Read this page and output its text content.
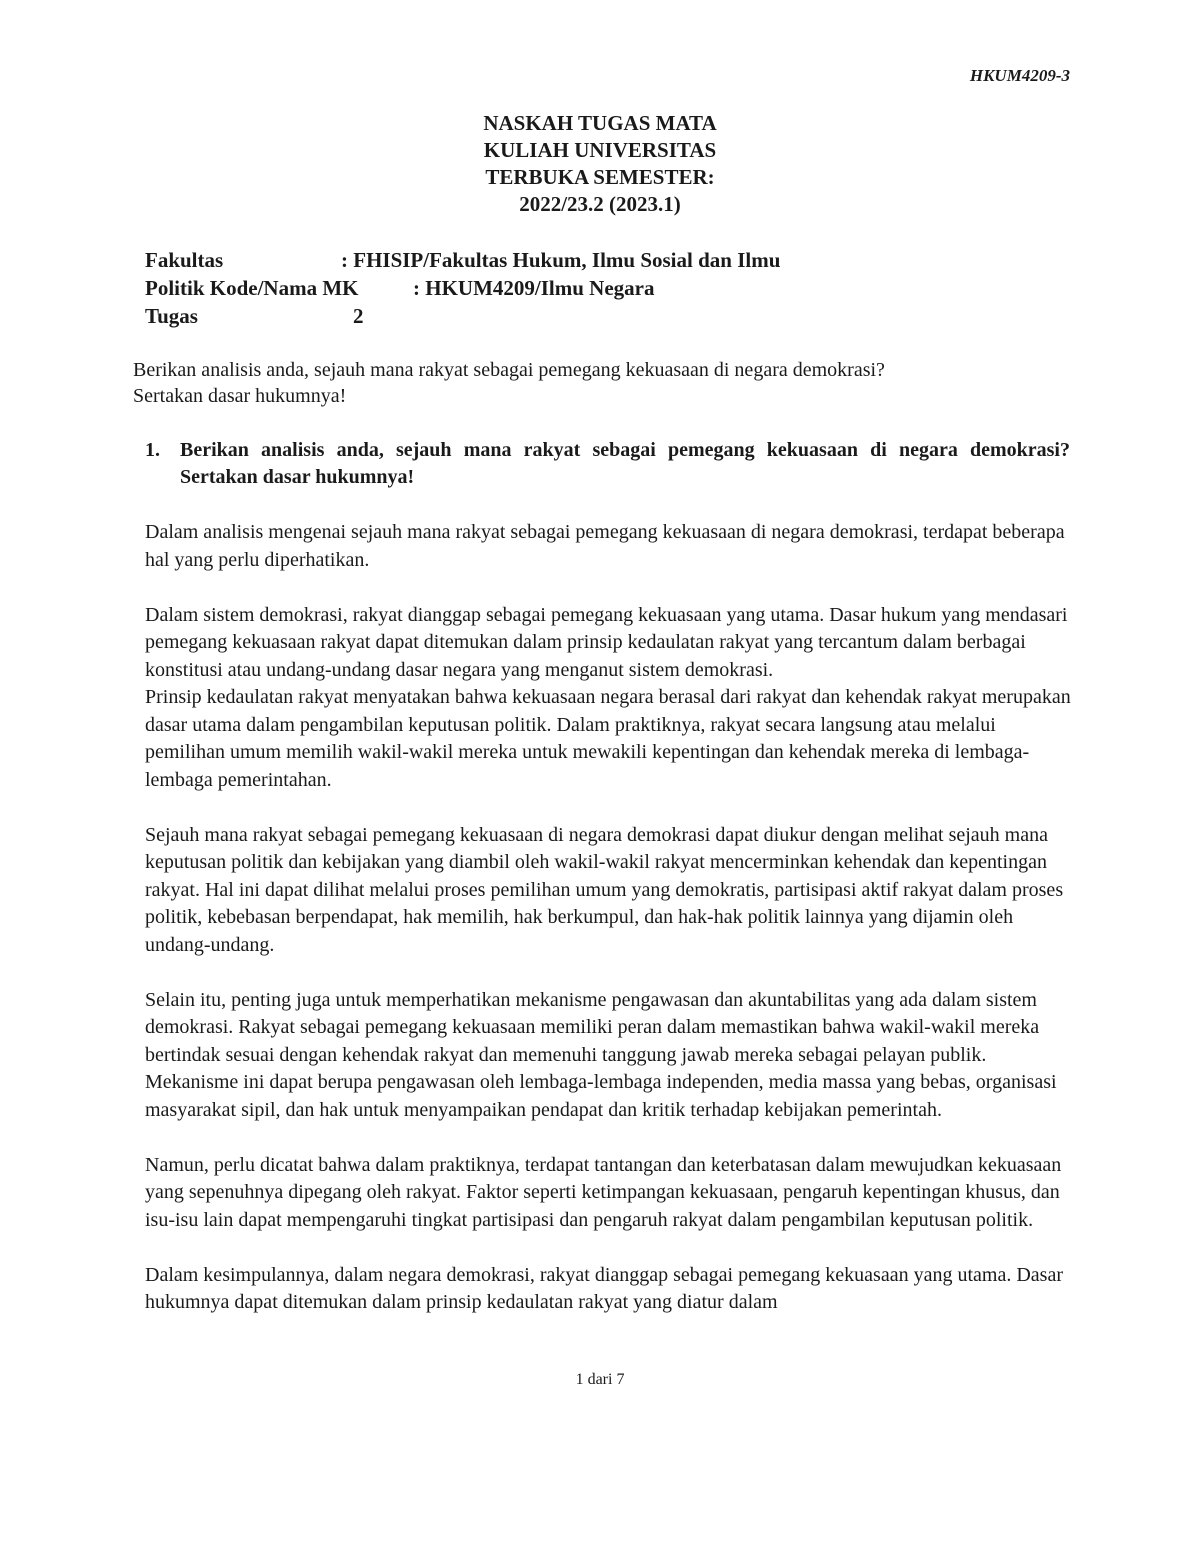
HKUM4209-3
NASKAH TUGAS MATA
KULIAH UNIVERSITAS
TERBUKA SEMESTER:
2022/23.2 (2023.1)
Fakultas	: FHISIP/Fakultas Hukum, Ilmu Sosial dan Ilmu
Politik Kode/Nama MK	: HKUM4209/Ilmu Negara
Tugas	2

Berikan analisis anda, sejauh mana rakyat sebagai pemegang kekuasaan di negara demokrasi?

Sertakan dasar hukumnya!

1. Berikan analisis anda, sejauh mana rakyat sebagai pemegang kekuasaan di negara demokrasi? Sertakan dasar hukumnya!

Dalam analisis mengenai sejauh mana rakyat sebagai pemegang kekuasaan di negara demokrasi, terdapat beberapa hal yang perlu diperhatikan.

Dalam sistem demokrasi, rakyat dianggap sebagai pemegang kekuasaan yang utama. Dasar hukum yang mendasari pemegang kekuasaan rakyat dapat ditemukan dalam prinsip kedaulatan rakyat yang tercantum dalam berbagai konstitusi atau undang-undang dasar negara yang menganut sistem demokrasi.

Prinsip kedaulatan rakyat menyatakan bahwa kekuasaan negara berasal dari rakyat dan kehendak rakyat merupakan dasar utama dalam pengambilan keputusan politik. Dalam praktiknya, rakyat secara langsung atau melalui pemilihan umum memilih wakil-wakil mereka untuk mewakili kepentingan dan kehendak mereka di lembaga-lembaga pemerintahan.

Sejauh mana rakyat sebagai pemegang kekuasaan di negara demokrasi dapat diukur dengan melihat sejauh mana keputusan politik dan kebijakan yang diambil oleh wakil-wakil rakyat mencerminkan kehendak dan kepentingan rakyat. Hal ini dapat dilihat melalui proses pemilihan umum yang demokratis, partisipasi aktif rakyat dalam proses politik, kebebasan berpendapat, hak memilih, hak berkumpul, dan hak-hak politik lainnya yang dijamin oleh undang-undang.

Selain itu, penting juga untuk memperhatikan mekanisme pengawasan dan akuntabilitas yang ada dalam sistem demokrasi. Rakyat sebagai pemegang kekuasaan memiliki peran dalam memastikan bahwa wakil-wakil mereka bertindak sesuai dengan kehendak rakyat dan memenuhi tanggung jawab mereka sebagai pelayan publik. Mekanisme ini dapat berupa pengawasan oleh lembaga-lembaga independen, media massa yang bebas, organisasi masyarakat sipil, dan hak untuk menyampaikan pendapat dan kritik terhadap kebijakan pemerintah.

Namun, perlu dicatat bahwa dalam praktiknya, terdapat tantangan dan keterbatasan dalam mewujudkan kekuasaan yang sepenuhnya dipegang oleh rakyat. Faktor seperti ketimpangan kekuasaan, pengaruh kepentingan khusus, dan isu-isu lain dapat mempengaruhi tingkat partisipasi dan pengaruh rakyat dalam pengambilan keputusan politik.

Dalam kesimpulannya, dalam negara demokrasi, rakyat dianggap sebagai pemegang kekuasaan yang utama. Dasar hukumnya dapat ditemukan dalam prinsip kedaulatan rakyat yang diatur dalam

1 dari 7
